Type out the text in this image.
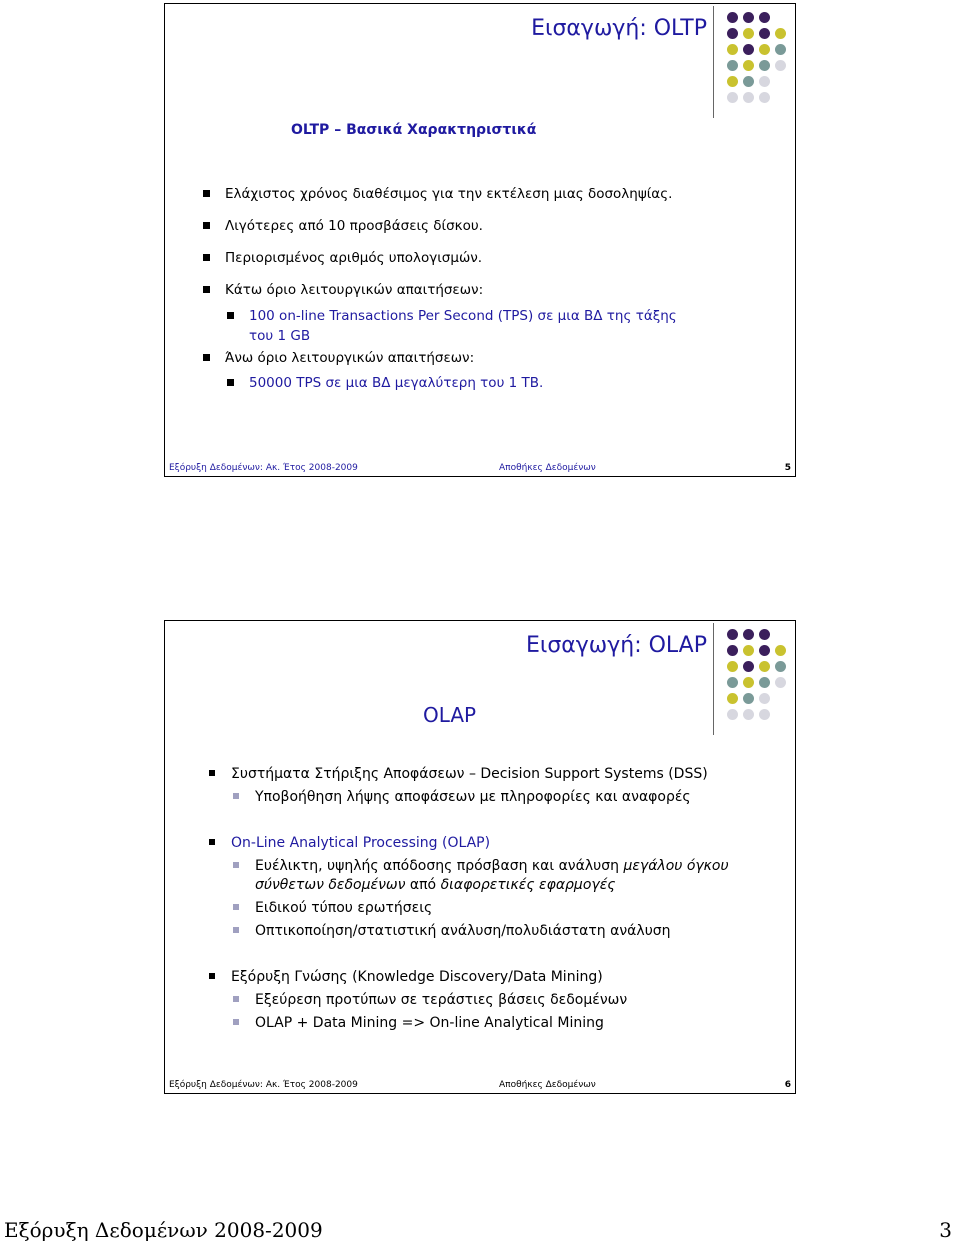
Εισαγωγή: OLTP
OLTP – Βασικά Χαρακτηριστικά
Ελάχιστος χρόνος διαθέσιμος για την εκτέλεση μιας δοσοληψίας.
Λιγότερες από 10 προσβάσεις δίσκου.
Περιορισμένος αριθμός υπολογισμών.
Κάτω όριο λειτουργικών απαιτήσεων:
100 on-line Transactions Per Second (TPS) σε μια ΒΔ της τάξης
του 1 GB
Άνω όριο λειτουργικών απαιτήσεων:
50000 TPS σε μια ΒΔ μεγαλύτερη του 1 TB.
Εξόρυξη Δεδομένων: Ακ. Έτος 2008-2009	Αποθήκες Δεδομένων	5
Εισαγωγή: OLAP
OLAP
Συστήματα Στήριξης Αποφάσεων – Decision Support Systems (DSS)
Υποβοήθηση λήψης αποφάσεων με πληροφορίες και αναφορές
On-Line Analytical Processing (OLAP)
Ευέλικτη, υψηλής απόδοσης πρόσβαση και ανάλυση μεγάλου όγκου
σύνθετων δεδομένων από διαφορετικές εφαρμογές
Ειδικού τύπου ερωτήσεις
Οπτικοποίηση/στατιστική ανάλυση/πολυδιάστατη ανάλυση
Εξόρυξη Γνώσης (Knowledge Discovery/Data Mining)
Εξεύρεση προτύπων σε τεράστιες βάσεις δεδομένων
OLAP + Data Mining => On-line Analytical Mining
Εξόρυξη Δεδομένων: Ακ. Έτος 2008-2009	Αποθήκες Δεδομένων	6
Εξόρυξη Δεδομένων 2008-2009	3
